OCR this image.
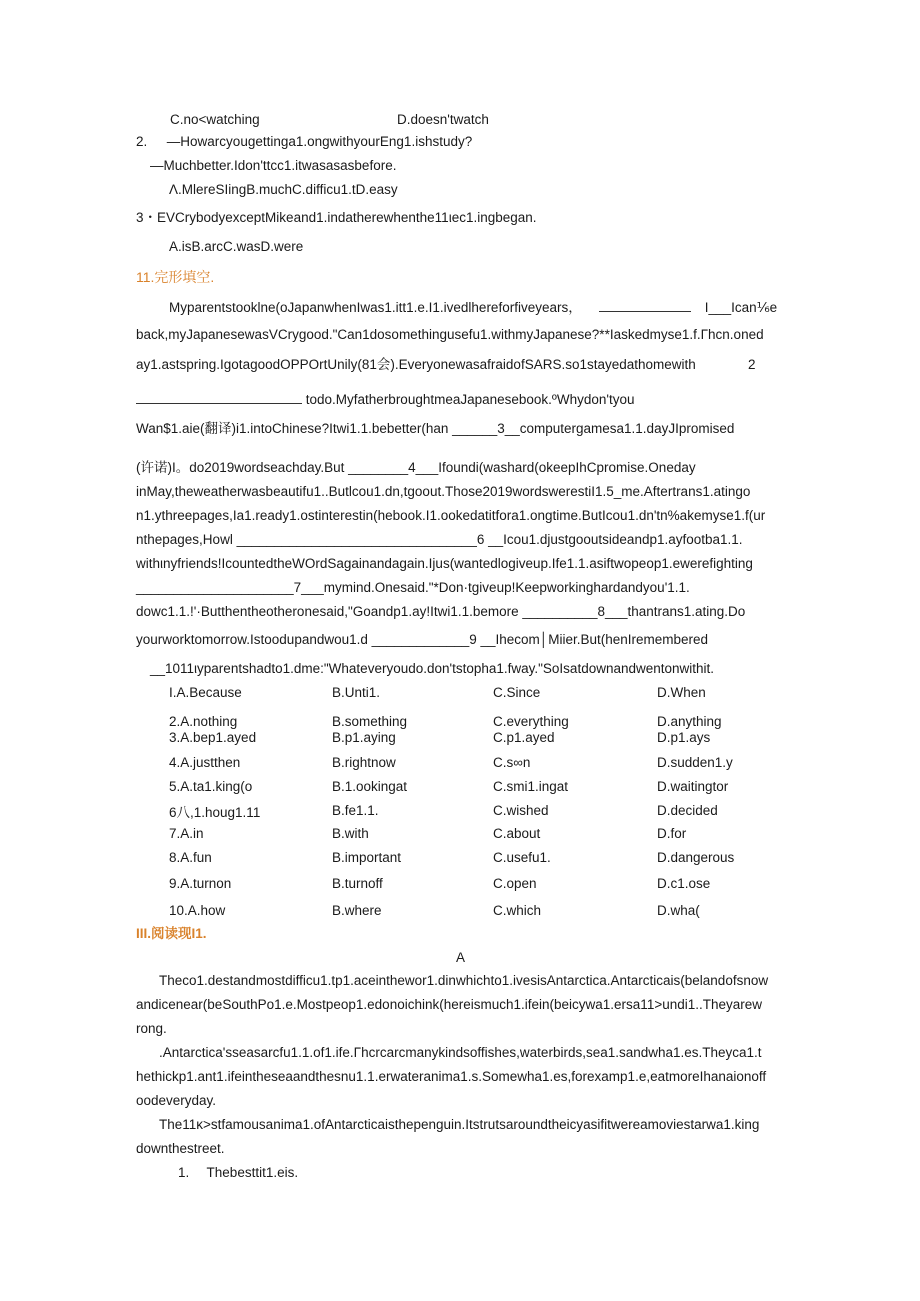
C.no<watching	D.doesn'twatch
2. —Howarcyougettinga1.ongwithyourEng1.ishstudy?
—Muchbetter.Idon'ttcc1.itwasasasbefore.
Λ.MlereSIingB.muchC.difficu1.tD.easy
3・EVCrybodyexceptMikeand1.indatherewhenthe11ιec1.ingbegan.
A.isB.arcC.wasD.were
11.完形填空.
Myparentstooklne(oJapanwhenIwas1.itt1.e.I1.ivedlhereforfiveyears，	I___Ican⅙e
back,myJapanesewasVCrygood."Can1dosomethingusefu1.withmyJapanese?**Iaskedmyse1.f.Γhcn.oned
ay1.astspring.IgotagoodOPPOrtUnily(81会).EveryonewasafraidofSARS.so1stayedathomewith	2
todo.MyfatherbroughtmeaJapanesebook.ºWhydon'tyou
Wan$1.aie(翻译)i1.intoChinese?Itwi1.1.bebetter(han ______3__computergamesa1.1.dayJIpromised
(许诺)I。do2019wordseachday.But ________4___Ifoundi(washard(okeepIhCpromise.Oneday
inMay,theweatherwasbeautifu1..Butlcou1.dn,tgoout.Those2019wordswerestiI1.5_me.Aftertrans1.atingo
n1.ythreepages,Ia1.ready1.ostinterestin(hebook.I1.ookedatitfora1.ongtime.ButIcou1.dn'tn%akemyse1.f(ur
nthepages,Howl ________________________________6 __Icou1.djustgooutsideandp1.ayfootba1.1.
withιnyfriends!IcountedtheWOrdSagainandagain.Ijus(wantedlogiveup.Ife1.1.asiftwopeop1.ewerefighting
_____________________7___mymind.Onesaid."*Don·tgiveup!Keepworkinghardandyou'1.1.
dowc1.1.!'·Butthentheotheronesaid,"Goandp1.ay!Itwi1.1.bemore __________8___thantrans1.ating.Do
yourworktomorrow.Istoodupandwou1.d _____________9 __Ihecom│Miier.But(henIremembered
__1011ιyparentshadto1.dme:"Whateveryoudo.don'tstopha1.fway."SoIsatdownandwentonwithit.
I.A.Because	B.Unti1.	C.Since	D.When
2.A.nothing	B.something	C.everything	D.anything
3.A.bep1.ayed	B.p1.aying	C.p1.ayed	D.p1.ays
4.A.justthen	B.rightnow	C.s∞n	D.sudden1.y
5.A.ta1.king(o	B.1.ookingat	C.smi1.ingat	D.waitingtor
6八,1.houg1.11	B.fe1.1.	C.wished	D.decided
7.A.in	B.with	C.about	D.for
8.A.fun	B.important	C.usefu1.	D.dangerous
9.A.turnon	B.turnoff	C.open	D.c1.ose
10.A.how	B.where	C.which	D.wha(
III.阅读现I1.
A
Theco1.destandmostdifficu1.tp1.aceinthewor1.dinwhichto1.ivesisAntarctica.Antarcticais(belandofsnow
andicenear(beSouthPo1.e.Mostpeop1.edonoichink(hereismuch1.ifein(beicywa1.ersa11>undi1..Theyarew
rong.
.Antarctica'sseasarcfu1.1.of1.ife.Γhcrcarcmanykindsoffishes,waterbirds,sea1.sandwha1.es.Theyca1.t
hethickp1.ant1.ifeintheseaandthesnu1.1.erwateranima1.s.Somewha1.es,forexamp1.e,eatmoreIhanaionoff
oodeveryday.
The11κ>stfamousanima1.ofAntarcticaisthepenguin.Itstrutsaroundtheicyasifitwereamoviestarwa1.king
downthestreet.
1. Thebesttit1.eis.
